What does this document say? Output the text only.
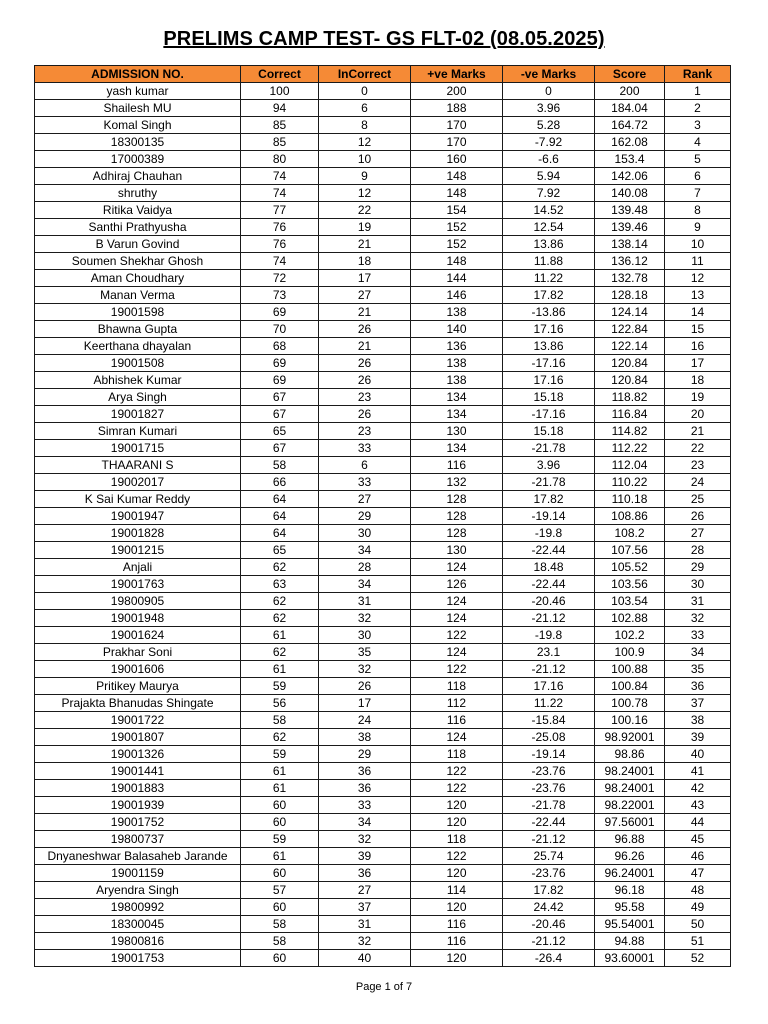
PRELIMS CAMP TEST- GS FLT-02 (08.05.2025)
ADMISSION NO.	Correct	InCorrect	+ve Marks	-ve Marks	Score	Rank
yash kumar	100	0	200	0	200	1
Shailesh MU	94	6	188	3.96	184.04	2
Komal Singh	85	8	170	5.28	164.72	3
18300135	85	12	170	-7.92	162.08	4
17000389	80	10	160	-6.6	153.4	5
Adhiraj Chauhan	74	9	148	5.94	142.06	6
shruthy	74	12	148	7.92	140.08	7
Ritika Vaidya	77	22	154	14.52	139.48	8
Santhi Prathyusha	76	19	152	12.54	139.46	9
B Varun Govind	76	21	152	13.86	138.14	10
Soumen Shekhar Ghosh	74	18	148	11.88	136.12	11
Aman Choudhary	72	17	144	11.22	132.78	12
Manan Verma	73	27	146	17.82	128.18	13
19001598	69	21	138	-13.86	124.14	14
Bhawna Gupta	70	26	140	17.16	122.84	15
Keerthana dhayalan	68	21	136	13.86	122.14	16
19001508	69	26	138	-17.16	120.84	17
Abhishek Kumar	69	26	138	17.16	120.84	18
Arya Singh	67	23	134	15.18	118.82	19
19001827	67	26	134	-17.16	116.84	20
Simran Kumari	65	23	130	15.18	114.82	21
19001715	67	33	134	-21.78	112.22	22
THAARANI S	58	6	116	3.96	112.04	23
19002017	66	33	132	-21.78	110.22	24
K Sai Kumar Reddy	64	27	128	17.82	110.18	25
19001947	64	29	128	-19.14	108.86	26
19001828	64	30	128	-19.8	108.2	27
19001215	65	34	130	-22.44	107.56	28
Anjali	62	28	124	18.48	105.52	29
19001763	63	34	126	-22.44	103.56	30
19800905	62	31	124	-20.46	103.54	31
19001948	62	32	124	-21.12	102.88	32
19001624	61	30	122	-19.8	102.2	33
Prakhar Soni	62	35	124	23.1	100.9	34
19001606	61	32	122	-21.12	100.88	35
Pritikey Maurya	59	26	118	17.16	100.84	36
Prajakta Bhanudas Shingate	56	17	112	11.22	100.78	37
19001722	58	24	116	-15.84	100.16	38
19001807	62	38	124	-25.08	98.92001	39
19001326	59	29	118	-19.14	98.86	40
19001441	61	36	122	-23.76	98.24001	41
19001883	61	36	122	-23.76	98.24001	42
19001939	60	33	120	-21.78	98.22001	43
19001752	60	34	120	-22.44	97.56001	44
19800737	59	32	118	-21.12	96.88	45
Dnyaneshwar Balasaheb Jarande	61	39	122	25.74	96.26	46
19001159	60	36	120	-23.76	96.24001	47
Aryendra Singh	57	27	114	17.82	96.18	48
19800992	60	37	120	24.42	95.58	49
18300045	58	31	116	-20.46	95.54001	50
19800816	58	32	116	-21.12	94.88	51
19001753	60	40	120	-26.4	93.60001	52
Page 1 of 7
